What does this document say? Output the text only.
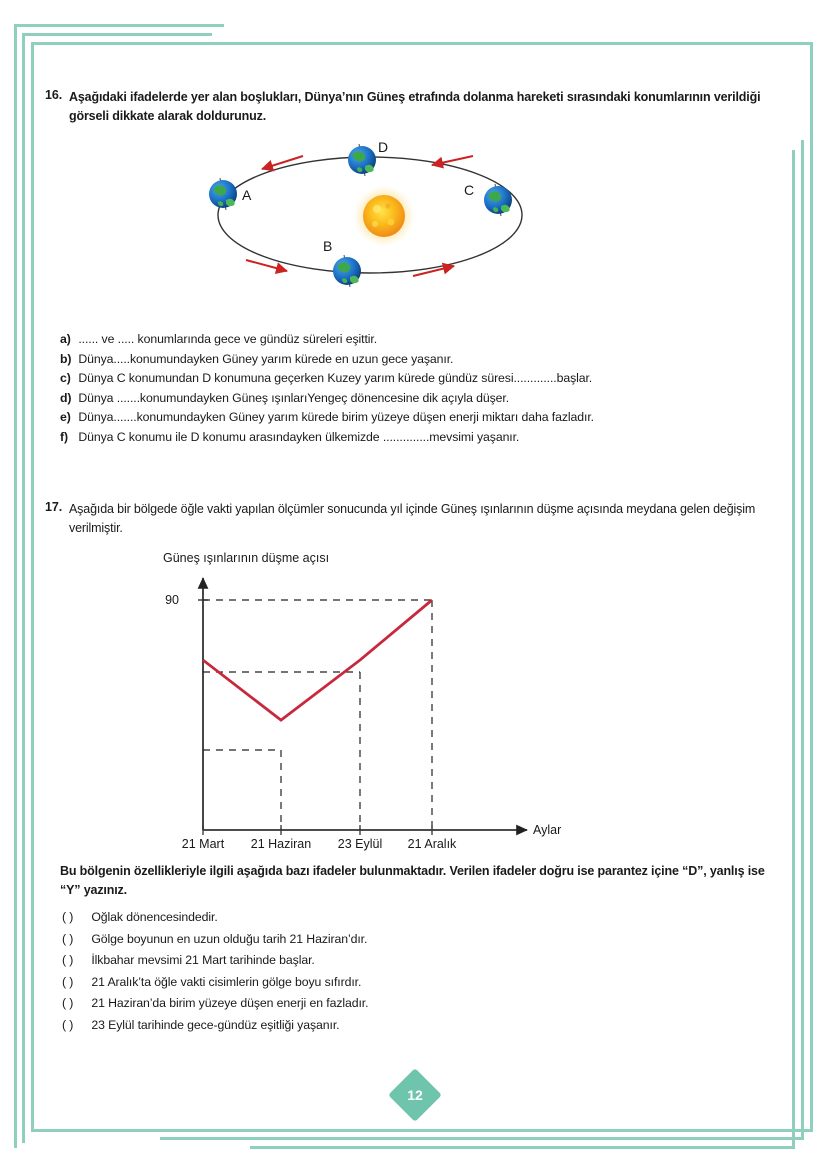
16. Aşağıdaki ifadelerde yer alan boşlukları, Dünya’nın Güneş etrafında dolanma hareketi sırasındaki konumlarının verildiği görseli dikkate alarak doldurunuz.
A
B
C
D
a) ...... ve ..... konumlarında gece ve gündüz süreleri eşittir.
b) Dünya.....konumundayken Güney yarım kürede en uzun gece yaşanır.
c) Dünya C konumundan D konumuna geçerken Kuzey yarım kürede gündüz süresi.............başlar.
d) Dünya .......konumundayken Güneş ışınlarıYengeç dönencesine dik açıyla düşer.
e) Dünya.......konumundayken Güney yarım kürede birim yüzeye düşen enerji miktarı daha fazladır.
f) Dünya C konumu ile D konumu arasındayken ülkemizde ..............mevsimi yaşanır.
17. Aşağıda bir bölgede öğle vakti yapılan ölçümler sonucunda yıl içinde Güneş ışınlarının düşme açısında meydana gelen değişim verilmiştir.
Güneş ışınlarının düşme açısı
Aylar
90
21 Mart 21 Haziran 23 Eylül 21 Aralık
Bu bölgenin özellikleriyle ilgili aşağıda bazı ifadeler bulunmaktadır. Verilen ifadeler doğru ise parantez içine “D”, yanlış ise “Y” yazınız.
( ) Oğlak dönencesindedir.
( ) Gölge boyunun en uzun olduğu tarih 21 Haziran’dır.
( ) İlkbahar mevsimi 21 Mart tarihinde başlar.
( ) 21 Aralık’ta öğle vakti cisimlerin gölge boyu sıfırdır.
( ) 21 Haziran’da birim yüzeye düşen enerji en fazladır.
( ) 23 Eylül tarihinde gece-gündüz eşitliği yaşanır.
12
